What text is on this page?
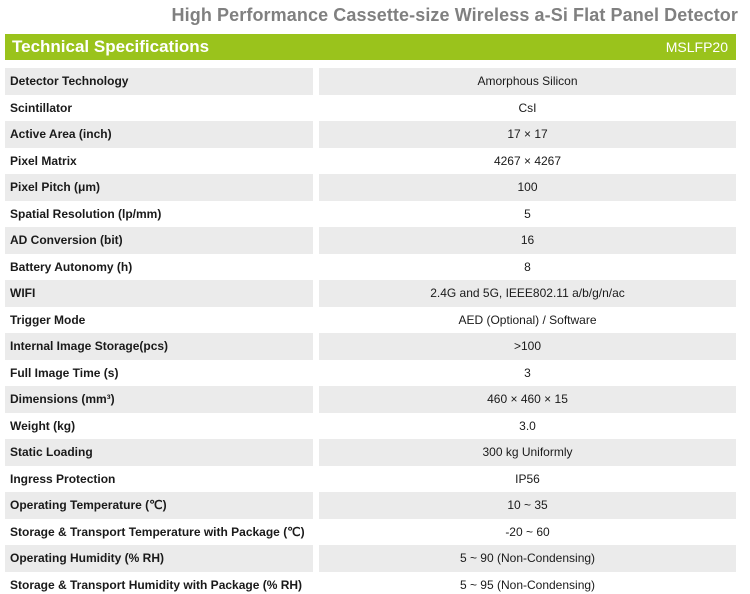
High Performance Cassette-size Wireless a-Si Flat Panel Detector
Technical Specifications	MSLFP20
Detector Technology	Amorphous Silicon
Scintillator	CsI
Active Area (inch)	17 × 17
Pixel Matrix	4267 × 4267
Pixel Pitch (μm)	100
Spatial Resolution (lp/mm)	5
AD Conversion (bit)	16
Battery Autonomy (h)	8
WIFI	2.4G and 5G, IEEE802.11 a/b/g/n/ac
Trigger Mode	AED (Optional) / Software
Internal Image Storage(pcs)	>100
Full Image Time (s)	3
Dimensions (mm³)	460 × 460 × 15
Weight (kg)	3.0
Static Loading	300 kg Uniformly
Ingress Protection	IP56
Operating Temperature (℃)	10 ~ 35
Storage & Transport Temperature with Package (℃)	-20 ~ 60
Operating Humidity (% RH)	5 ~ 90 (Non-Condensing)
Storage & Transport Humidity with Package (% RH)	5 ~ 95 (Non-Condensing)
